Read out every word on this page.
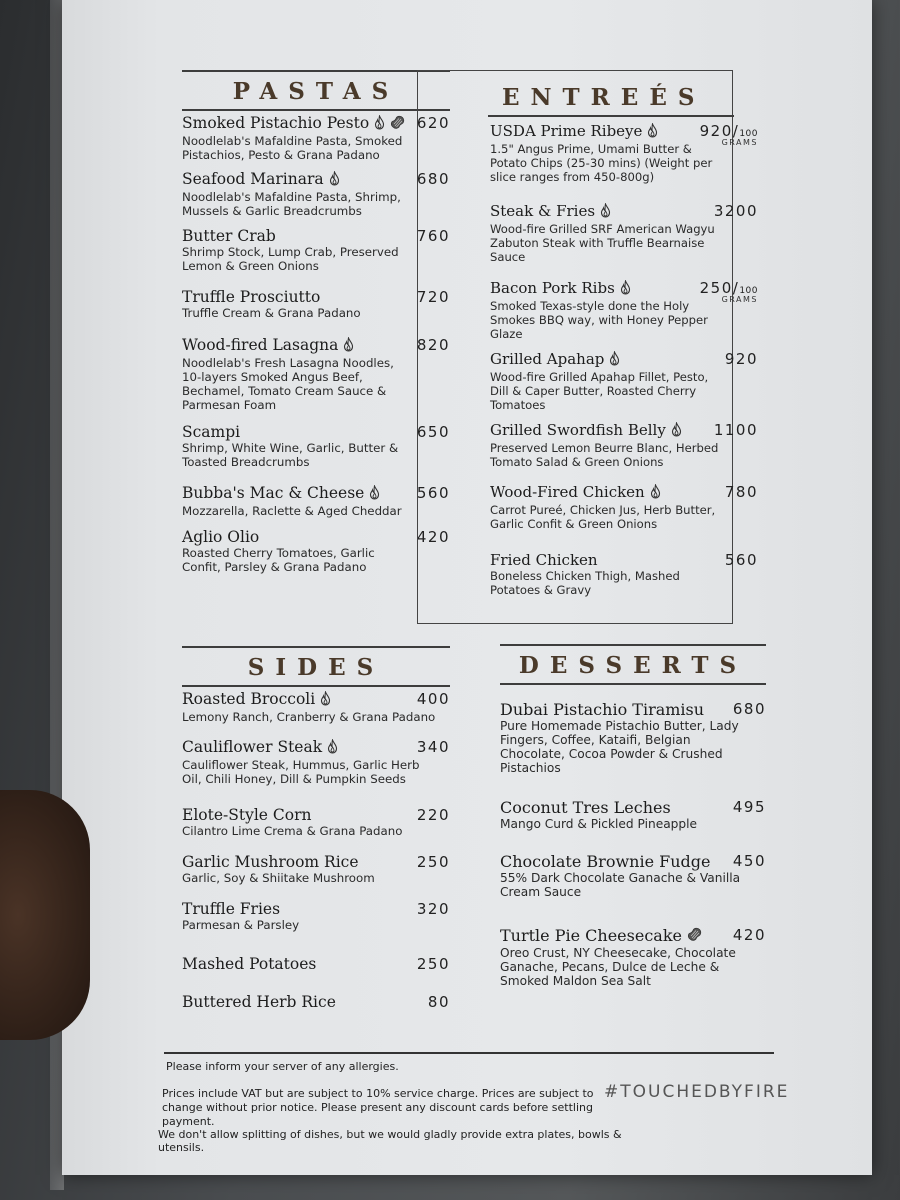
PASTAS
Smoked Pistachio Pesto	620
Noodlelab's Mafaldine Pasta, Smoked Pistachios, Pesto & Grana Padano
Seafood Marinara	680
Noodlelab's Mafaldine Pasta, Shrimp, Mussels & Garlic Breadcrumbs
Butter Crab	760
Shrimp Stock, Lump Crab, Preserved Lemon & Green Onions
Truffle Prosciutto	720
Truffle Cream & Grana Padano
Wood-fired Lasagna	820
Noodlelab's Fresh Lasagna Noodles, 10-layers Smoked Angus Beef, Bechamel, Tomato Cream Sauce & Parmesan Foam
Scampi	650
Shrimp, White Wine, Garlic, Butter & Toasted Breadcrumbs
Bubba's Mac & Cheese	560
Mozzarella, Raclette & Aged Cheddar
Aglio Olio	420
Roasted Cherry Tomatoes, Garlic Confit, Parsley & Grana Padano
ENTREÉS
USDA Prime Ribeye	920/100
GRAMS
1.5" Angus Prime, Umami Butter & Potato Chips (25-30 mins) (Weight per slice ranges from 450-800g)
Steak & Fries	3200
Wood-fire Grilled SRF American Wagyu Zabuton Steak with Truffle Bearnaise Sauce
Bacon Pork Ribs	250/100
GRAMS
Smoked Texas-style done the Holy Smokes BBQ way, with Honey Pepper Glaze
Grilled Apahap	920
Wood-fire Grilled Apahap Fillet, Pesto, Dill & Caper Butter, Roasted Cherry Tomatoes
Grilled Swordfish Belly	1100
Preserved Lemon Beurre Blanc, Herbed Tomato Salad & Green Onions
Wood-Fired Chicken	780
Carrot Pureé, Chicken Jus, Herb Butter, Garlic Confit & Green Onions
Fried Chicken	560
Boneless Chicken Thigh, Mashed Potatoes & Gravy
SIDES
Roasted Broccoli	400
Lemony Ranch, Cranberry & Grana Padano
Cauliflower Steak	340
Cauliflower Steak, Hummus, Garlic Herb Oil, Chili Honey, Dill & Pumpkin Seeds
Elote-Style Corn	220
Cilantro Lime Crema & Grana Padano
Garlic Mushroom Rice	250
Garlic, Soy & Shiitake Mushroom
Truffle Fries	320
Parmesan & Parsley
Mashed Potatoes	250
Buttered Herb Rice	80
DESSERTS
Dubai Pistachio Tiramisu	680
Pure Homemade Pistachio Butter, Lady Fingers, Coffee, Kataifi, Belgian Chocolate, Cocoa Powder & Crushed Pistachios
Coconut Tres Leches	495
Mango Curd & Pickled Pineapple
Chocolate Brownie Fudge	450
55% Dark Chocolate Ganache & Vanilla Cream Sauce
Turtle Pie Cheesecake	420
Oreo Crust, NY Cheesecake, Chocolate Ganache, Pecans, Dulce de Leche & Smoked Maldon Sea Salt
Please inform your server of any allergies.
Prices include VAT but are subject to 10% service charge. Prices are subject to change without prior notice. Please present any discount cards before settling payment.
We don't allow splitting of dishes, but we would gladly provide extra plates, bowls & utensils.
#TOUCHEDBYFIRE
